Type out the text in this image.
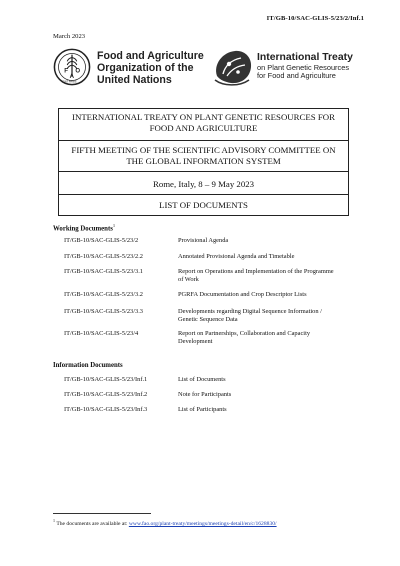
IT/GB-10/SAC-GLIS-5/23/2/Inf.1
March 2023
F
A
O
FIAT PANIS
Food and Agriculture
Organization of the
United Nations
International Treaty
on Plant Genetic Resources
for Food and Agriculture
INTERNATIONAL TREATY ON PLANT GENETIC RESOURCES FOR FOOD AND AGRICULTURE
FIFTH MEETING OF THE SCIENTIFIC ADVISORY COMMITTEE ON THE GLOBAL INFORMATION SYSTEM
Rome, Italy, 8 – 9 May 2023
LIST OF DOCUMENTS
Working Documents$^1$
IT/GB-10/SAC-GLIS-5/23/2	Provisional Agenda
IT/GB-10/SAC-GLIS-5/23/2.2	Annotated Provisional Agenda and Timetable
IT/GB-10/SAC-GLIS-5/23/3.1	Report on Operations and Implementation of the Programme of Work
IT/GB-10/SAC-GLIS-5/23/3.2	PGRFA Documentation and Crop Descriptor Lists
IT/GB-10/SAC-GLIS-5/23/3.3	Developments regarding Digital Sequence Information / Genetic Sequence Data
IT/GB-10/SAC-GLIS-5/23/4	Report on Partnerships, Collaboration and Capacity Development
Information Documents
IT/GB-10/SAC-GLIS-5/23/Inf.1	List of Documents
IT/GB-10/SAC-GLIS-5/23/Inf.2	Note for Participants
IT/GB-10/SAC-GLIS-5/23/Inf.3	List of Participants
$^1$ The documents are available at: www.fao.org/plant-treaty/meetings/meetings-detail/en/c/1628830/
